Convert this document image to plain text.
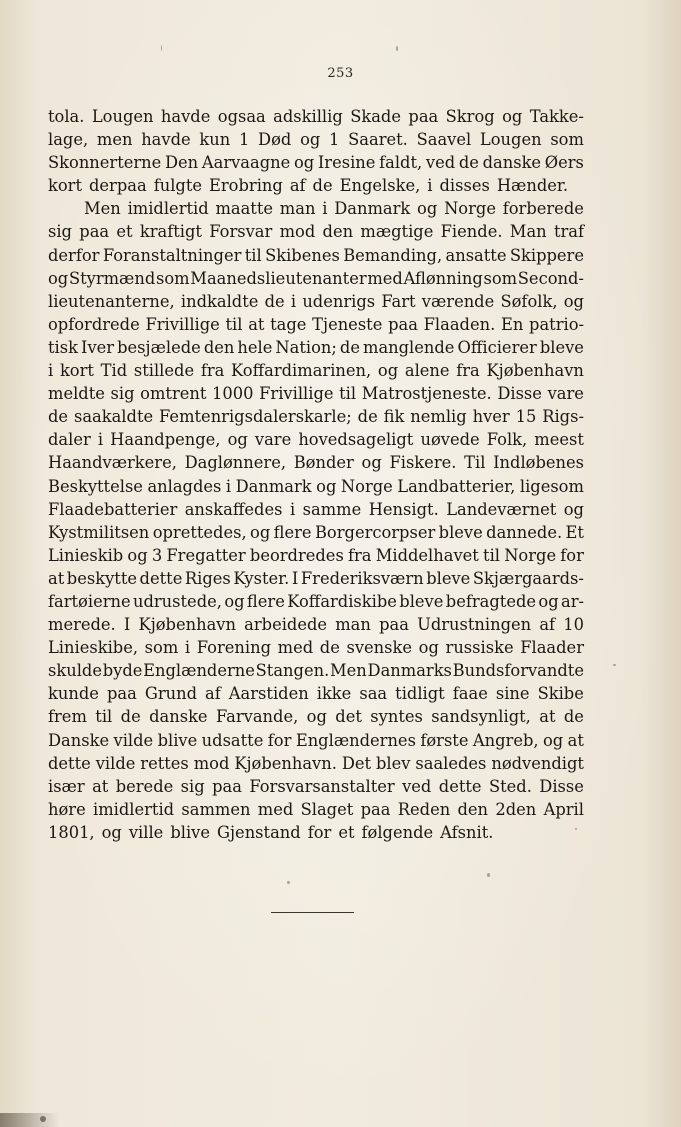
253
tola. Lougen havde ogsaa adskillig Skade paa Skrog og Takke-
lage, men havde kun 1 Død og 1 Saaret. Saavel Lougen som
Skonnerterne Den Aarvaagne og Iresine faldt, ved de danske Øers
kort derpaa fulgte Erobring af de Engelske, i disses Hænder.
Men imidlertid maatte man i Danmark og Norge forberede
sig paa et kraftigt Forsvar mod den mægtige Fiende. Man traf
derfor Foranstaltninger til Skibenes Bemanding, ansatte Skippere
og Styrmænd som Maanedslieutenanter med Aflønning som Second-
lieutenanterne, indkaldte de i udenrigs Fart værende Søfolk, og
opfordrede Frivillige til at tage Tjeneste paa Flaaden. En patrio-
tisk Iver besjælede den hele Nation; de manglende Officierer bleve
i kort Tid stillede fra Koffardimarinen, og alene fra Kjøbenhavn
meldte sig omtrent 1000 Frivillige til Matrostjeneste. Disse vare
de saakaldte Femtenrigsdalerskarle; de fik nemlig hver 15 Rigs-
daler i Haandpenge, og vare hovedsageligt uøvede Folk, meest
Haandværkere, Daglønnere, Bønder og Fiskere. Til Indløbenes
Beskyttelse anlagdes i Danmark og Norge Landbatterier, ligesom
Flaadebatterier anskaffedes i samme Hensigt. Landeværnet og
Kystmilitsen oprettedes, og flere Borgercorpser bleve dannede. Et
Linieskib og 3 Fregatter beordredes fra Middelhavet til Norge for
at beskytte dette Riges Kyster. I Frederiksværn bleve Skjærgaards-
fartøierne udrustede, og flere Koffardiskibe bleve befragtede og ar-
merede. I Kjøbenhavn arbeidede man paa Udrustningen af 10
Linieskibe, som i Forening med de svenske og russiske Flaader
skulde byde Englænderne Stangen. Men Danmarks Bundsforvandte
kunde paa Grund af Aarstiden ikke saa tidligt faae sine Skibe
frem til de danske Farvande, og det syntes sandsynligt, at de
Danske vilde blive udsatte for Englændernes første Angreb, og at
dette vilde rettes mod Kjøbenhavn. Det blev saaledes nødvendigt
især at berede sig paa Forsvarsanstalter ved dette Sted. Disse
høre imidlertid sammen med Slaget paa Reden den 2den April
1801, og ville blive Gjenstand for et følgende Afsnit.
